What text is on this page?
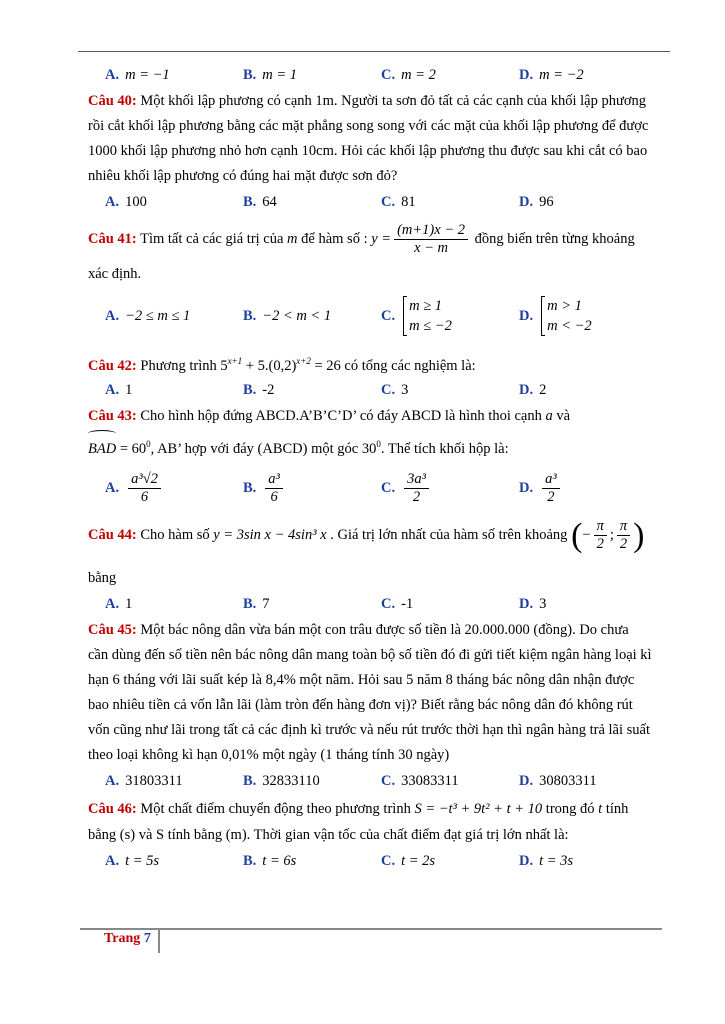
A. m = −1	B. m = 1	C. m = 2	D. m = −2
Câu 40: Một khối lập phương có cạnh 1m. Người ta sơn đỏ tất cả các cạnh của khối lập phương
rồi cắt khối lập phương bằng các mặt phẳng song song với các mặt của khối lập phương để được
1000 khối lập phương nhỏ hơn cạnh 10cm. Hỏi các khối lập phương thu được sau khi cắt có bao
nhiêu khối lập phương có đúng hai mặt được sơn đỏ?
A. 100	B. 64	C. 81	D. 96
Câu 41: Tìm tất cả các giá trị của m để hàm số : $y = \frac{(m+1)x - 2}{x - m}$ đồng biến trên từng khoảng
xác định.
A. −2 ≤ m ≤ 1	B. −2 < m < 1	C.
m ≥ 1
m ≤ −2
D.
m > 1
m < −2
Câu 42: Phương trình $5^{x+1} + 5.(0,2)^{x+2} = 26$ có tổng các nghiệm là:
A. 1	B. -2	C. 3	D. 2
Câu 43: Cho hình hộp đứng ABCD.A’B’C’D’ có đáy ABCD là hình thoi cạnh a và
BAD = $60^0$, AB’ hợp với đáy (ABCD) một góc $30^0$. Thể tích khối hộp là:
A. $\frac{\text{a³√2}}{6}$	B. $\frac{\text{a³}}{6}$	C. $\frac{\text{3a³}}{2}$	D. $\frac{\text{a³}}{2}$
Câu 44: Cho hàm số y = 3sin x − 4sin³ x . Giá trị lớn nhất của hàm số trên khoảng ( − $\frac{\pi}{2}$ ; $\frac{\pi}{2}$ )
bằng
A. 1	B. 7	C. -1	D. 3
Câu 45: Một bác nông dân vừa bán một con trâu được số tiền là 20.000.000 (đồng). Do chưa
cần dùng đến số tiền nên bác nông dân mang toàn bộ số tiền đó đi gửi tiết kiệm ngân hàng loại kì
hạn 6 tháng với lãi suất kép là 8,4% một năm. Hỏi sau 5 năm 8 tháng bác nông dân nhận được
bao nhiêu tiền cả vốn lẫn lãi (làm tròn đến hàng đơn vị)? Biết rằng bác nông dân đó không rút
vốn cũng như lãi trong tất cả các định kì trước và nếu rút trước thời hạn thì ngân hàng trả lãi suất
theo loại không kì hạn 0,01% một ngày (1 tháng tính 30 ngày)
A. 31803311	B. 32833110	C. 33083311	D. 30803311
Câu 46: Một chất điểm chuyển động theo phương trình S = −t³ + 9t² + t + 10 trong đó t tính
bằng (s) và S tính bằng (m). Thời gian vận tốc của chất điểm đạt giá trị lớn nhất là:
A. t = 5s	B. t = 6s	C. t = 2s	D. t = 3s
Trang 7
